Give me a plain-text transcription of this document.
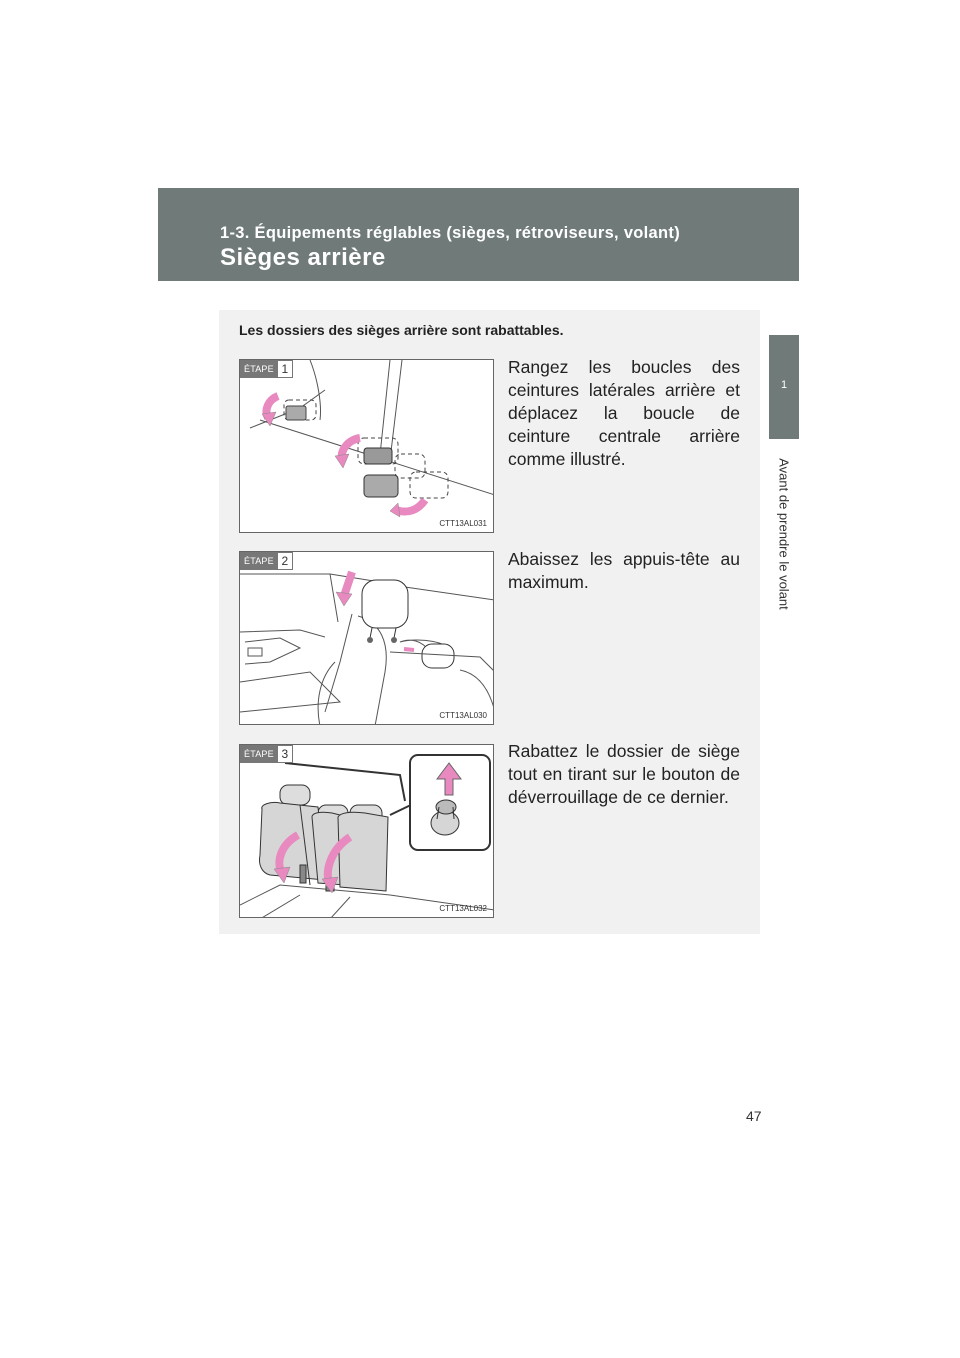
1-3. Équipements réglables (sièges, rétroviseurs, volant)
Sièges arrière
1
Avant de prendre le volant
Les dossiers des sièges arrière sont rabattables.
ÉTAPE 1
CTT13AL031
Rangez les boucles des ceintures latérales arrière et déplacez la boucle de ceinture centrale arrière comme illustré.
ÉTAPE 2
CTT13AL030
Abaissez les appuis-tête au maximum.
ÉTAPE 3
CTT13AL032
Rabattez le dossier de siège tout en tirant sur le bouton de déverrouillage de ce dernier.
47
